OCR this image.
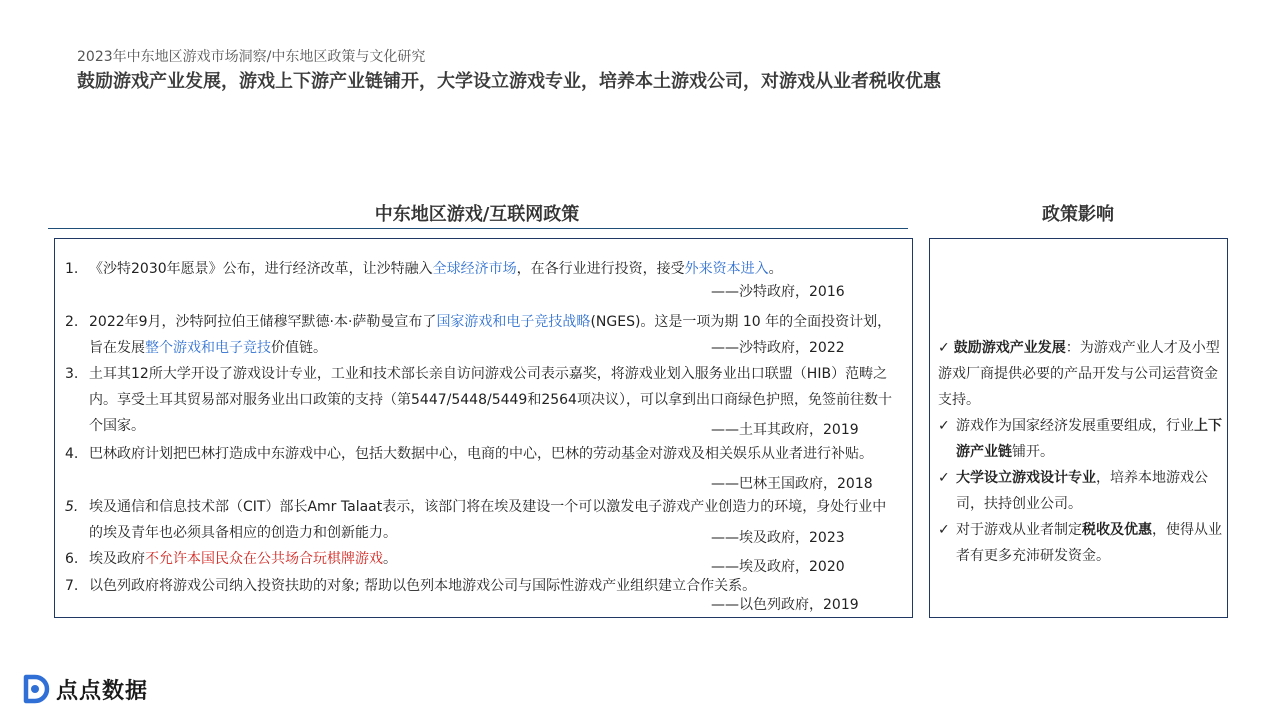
2023年中东地区游戏市场洞察/中东地区政策与文化研究
鼓励游戏产业发展，游戏上下游产业链铺开，大学设立游戏专业，培养本土游戏公司，对游戏从业者税收优惠
中东地区游戏/互联网政策	政策影响
1. 《沙特2030年愿景》公布，进行经济改革，让沙特融入全球经济市场，在各行业进行投资，接受外来资本进入。
——沙特政府，2016
2. 2022年9月，沙特阿拉伯王储穆罕默德·本·萨勒曼宣布了国家游戏和电子竞技战略(NGES)。这是一项为期 10 年的全面投资计划，旨在发展整个游戏和电子竞技价值链。	——沙特政府，2022
3. 土耳其12所大学开设了游戏设计专业，工业和技术部长亲自访问游戏公司表示嘉奖，将游戏业划入服务业出口联盟（HIB）范畴之内。享受土耳其贸易部对服务业出口政策的支持（第5447/5448/5449和2564项决议），可以拿到出口商绿色护照，免签前往数十个国家。	——土耳其政府，2019
4. 巴林政府计划把巴林打造成中东游戏中心，包括大数据中心，电商的中心，巴林的劳动基金对游戏及相关娱乐从业者进行补贴。
——巴林王国政府，2018
5. 埃及通信和信息技术部（CIT）部长Amr Talaat表示，该部门将在埃及建设一个可以激发电子游戏产业创造力的环境，身处行业中的埃及青年也必须具备相应的创造力和创新能力。	——埃及政府，2023
6. 埃及政府不允许本国民众在公共场合玩棋牌游戏。	——埃及政府，2020
7. 以色列政府将游戏公司纳入投资扶助的对象; 帮助以色列本地游戏公司与国际性游戏产业组织建立合作关系。
——以色列政府，2019
✓ 鼓励游戏产业发展：为游戏产业人才及小型游戏厂商提供必要的产品开发与公司运营资金支持。
✓ 游戏作为国家经济发展重要组成，行业上下游产业链铺开。
✓ 大学设立游戏设计专业，培养本地游戏公司，扶持创业公司。
✓ 对于游戏从业者制定税收及优惠，使得从业者有更多充沛研发资金。
点点数据
